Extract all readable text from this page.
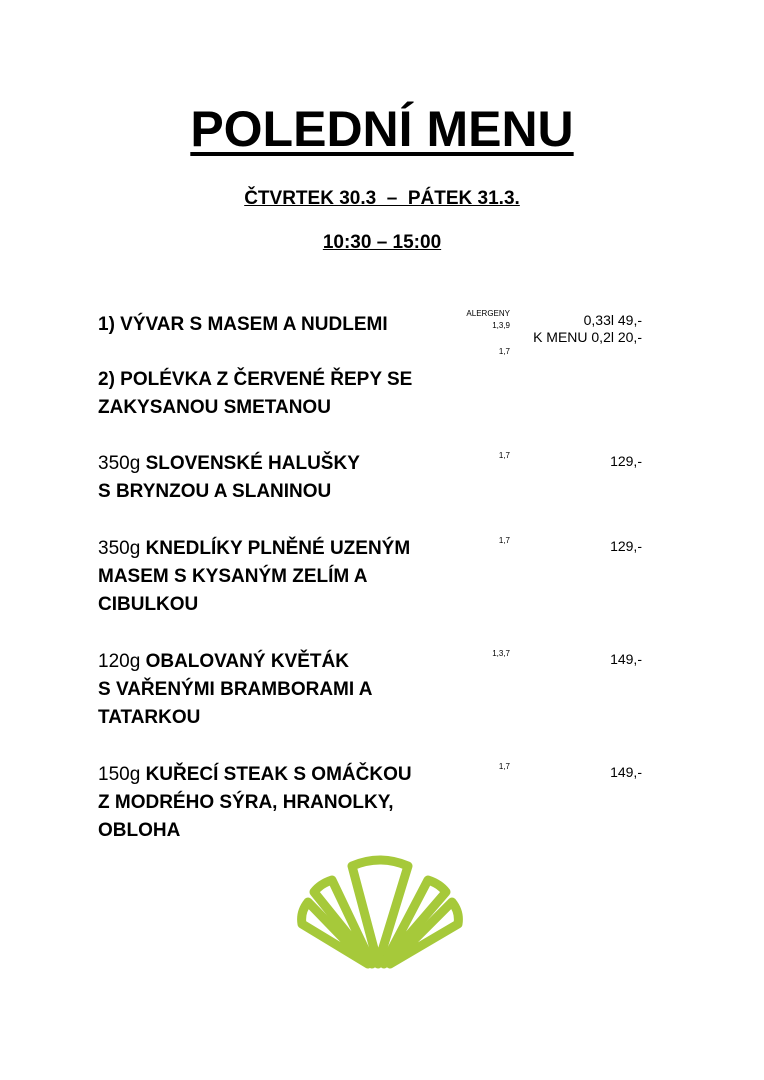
POLEDNÍ MENU
ČTVRTEK 30.3  –  PÁTEK 31.3.
10:30 – 15:00
1) VÝVAR S MASEM A NUDLEMI
ALERGENY
1,3,9	0,33l 49,-
K MENU 0,2l 20,-
2) POLÉVKA Z ČERVENÉ ŘEPY SE
ZAKYSANOU SMETANOU
1,7
350g SLOVENSKÉ HALUŠKY
S BRYNZOU A SLANINOU
1,7	129,-
350g KNEDLÍKY PLNĚNÉ UZENÝM
MASEM S KYSANÝM ZELÍM A
CIBULKOU
1,7	129,-
120g OBALOVANÝ KVĚTÁK
S VAŘENÝMI BRAMBORAMI A
TATARKOU
1,3,7	149,-
150g KUŘECÍ STEAK S OMÁČKOU
Z MODRÉHO SÝRA, HRANOLKY,
OBLOHA
1,7	149,-
